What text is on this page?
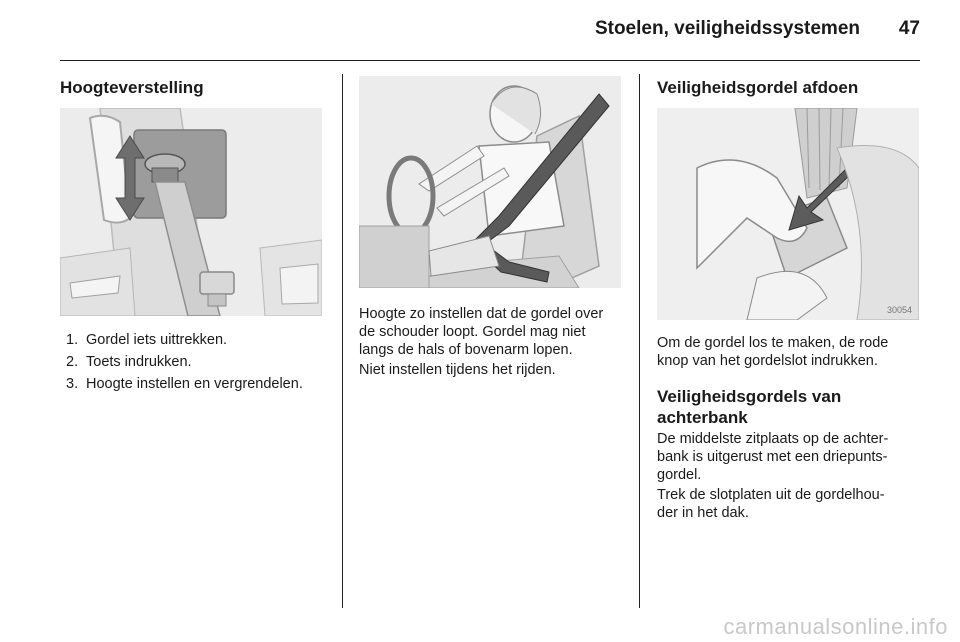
Stoelen, veiligheidssystemen	47
Hoogteverstelling
1. Gordel iets uittrekken.
2. Toets indrukken.
3. Hoogte instellen en vergrendelen.
Hoogte zo instellen dat de gordel over
de schouder loopt. Gordel mag niet
langs de hals of bovenarm lopen.
Niet instellen tijdens het rijden.
Veiligheidsgordel afdoen
30054
Om de gordel los te maken, de rode
knop van het gordelslot indrukken.
Veiligheidsgordels van
achterbank
De middelste zitplaats op de achter-
bank is uitgerust met een driepunts-
gordel.
Trek de slotplaten uit de gordelhou-
der in het dak.
carmanualsonline.info
